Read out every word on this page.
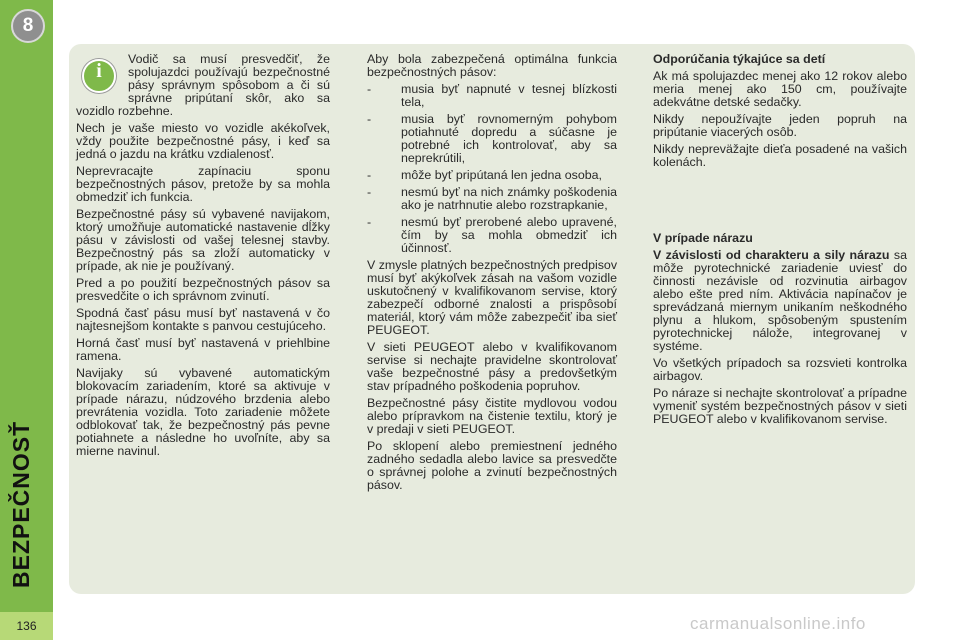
8
BEZPEČNOSŤ
136
i

Vodič sa musí presvedčiť, že spolujazdci používajú bezpečnostné pásy správnym spôsobom a či sú správne pripútaní skôr, ako sa vozidlo rozbehne.

Nech je vaše miesto vo vozidle akékoľvek, vždy použite bezpečnostné pásy, i keď sa jedná o jazdu na krátku vzdialenosť.

Neprevracajte zapínaciu sponu bezpečnostných pásov, pretože by sa mohla obmedziť ich funkcia.

Bezpečnostné pásy sú vybavené navijakom, ktorý umožňuje automatické nastavenie dĺžky pásu v závislosti od vašej telesnej stavby. Bezpečnostný pás sa zloží automaticky v prípade, ak nie je používaný.

Pred a po použití bezpečnostných pásov sa presvedčite o ich správnom zvinutí.

Spodná časť pásu musí byť nastavená v čo najtesnejšom kontakte s panvou cestujúceho.

Horná časť musí byť nastavená v priehlbine ramena.

Navijaky sú vybavené automatickým blokovacím zariadením, ktoré sa aktivuje v prípade nárazu, núdzového brzdenia alebo prevrátenia vozidla. Toto zariadenie môžete odblokovať tak, že bezpečnostný pás pevne potiahnete a následne ho uvoľníte, aby sa mierne navinul.

Aby bola zabezpečená optimálna funkcia bezpečnostných pásov:

- musia byť napnuté v tesnej blízkosti tela,
- musia byť rovnomerným pohybom potiahnuté dopredu a súčasne je potrebné ich kontrolovať, aby sa neprekrútili,
- môže byť pripútaná len jedna osoba,
- nesmú byť na nich známky poškodenia ako je natrhnutie alebo rozstrapkanie,
- nesmú byť prerobené alebo upravené, čím by sa mohla obmedziť ich účinnosť.

V zmysle platných bezpečnostných predpisov musí byť akýkoľvek zásah na vašom vozidle uskutočnený v kvalifikovanom servise, ktorý zabezpečí odborné znalosti a prispôsobí materiál, ktorý vám môže zabezpečiť iba sieť PEUGEOT.

V sieti PEUGEOT alebo v kvalifikovanom servise si nechajte pravidelne skontrolovať vaše bezpečnostné pásy a predovšetkým stav prípadného poškodenia popruhov.

Bezpečnostné pásy čistite mydlovou vodou alebo prípravkom na čistenie textilu, ktorý je v predaji v sieti PEUGEOT.

Po sklopení alebo premiestnení jedného zadného sedadla alebo lavice sa presvedčte o správnej polohe a zvinutí bezpečnostných pásov.

Odporúčania týkajúce sa detí

Ak má spolujazdec menej ako 12 rokov alebo meria menej ako 150 cm, používajte adekvátne detské sedačky.

Nikdy nepoužívajte jeden popruh na pripútanie viacerých osôb.

Nikdy nepreväžajte dieťa posadené na vašich kolenách.

V prípade nárazu

V závislosti od charakteru a sily nárazu sa môže pyrotechnické zariadenie uviesť do činnosti nezávisle od rozvinutia airbagov alebo ešte pred ním. Aktivácia napínačov je sprevádzaná miernym unikaním neškodného plynu a hlukom, spôsobeným spustením pyrotechnickej náložе, integrovanej v systéme.

Vo všetkých prípadoch sa rozsvieti kontrolka airbagov.

Po náraze si nechajte skontrolovať a prípadne vymeniť systém bezpečnostných pásov v sieti PEUGEOT alebo v kvalifikovanom servise.

carmanualsonline.info
